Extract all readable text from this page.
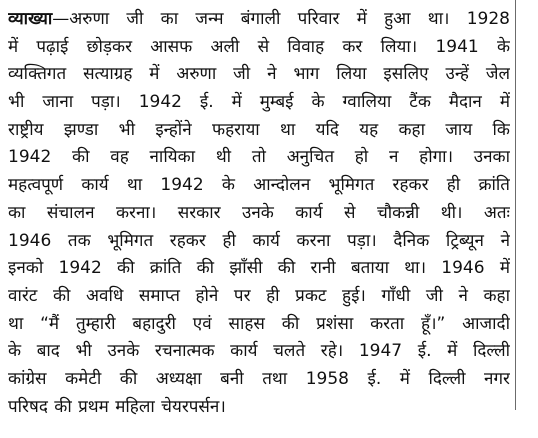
व्याख्या—अरुणा जी का जन्म बंगाली परिवार में हुआ था। 1928
में पढ़ाई छोड़कर आसफ अली से विवाह कर लिया। 1941 के
व्यक्तिगत सत्याग्रह में अरुणा जी ने भाग लिया इसलिए उन्हें जेल
भी जाना पड़ा। 1942 ई. में मुम्बई के ग्वालिया टैंक मैदान में
राष्ट्रीय झण्डा भी इन्होंने फहराया था यदि यह कहा जाय कि
1942 की वह नायिका थी तो अनुचित हो न होगा। उनका
महत्वपूर्ण कार्य था 1942 के आन्दोलन भूमिगत रहकर ही क्रांति
का संचालन करना। सरकार उनके कार्य से चौकन्नी थी। अतः
1946 तक भूमिगत रहकर ही कार्य करना पड़ा। दैनिक ट्रिब्यून ने
इनको 1942 की क्रांति की झाँसी की रानी बताया था। 1946 में
वारंट की अवधि समाप्त होने पर ही प्रकट हुई। गाँधी जी ने कहा
था “मैं तुम्हारी बहादुरी एवं साहस की प्रशंसा करता हूँ।” आजादी
के बाद भी उनके रचनात्मक कार्य चलते रहे। 1947 ई. में दिल्ली
कांग्रेस कमेटी की अध्यक्षा बनी तथा 1958 ई. में दिल्ली नगर
परिषद की प्रथम महिला चेयरपर्सन।
